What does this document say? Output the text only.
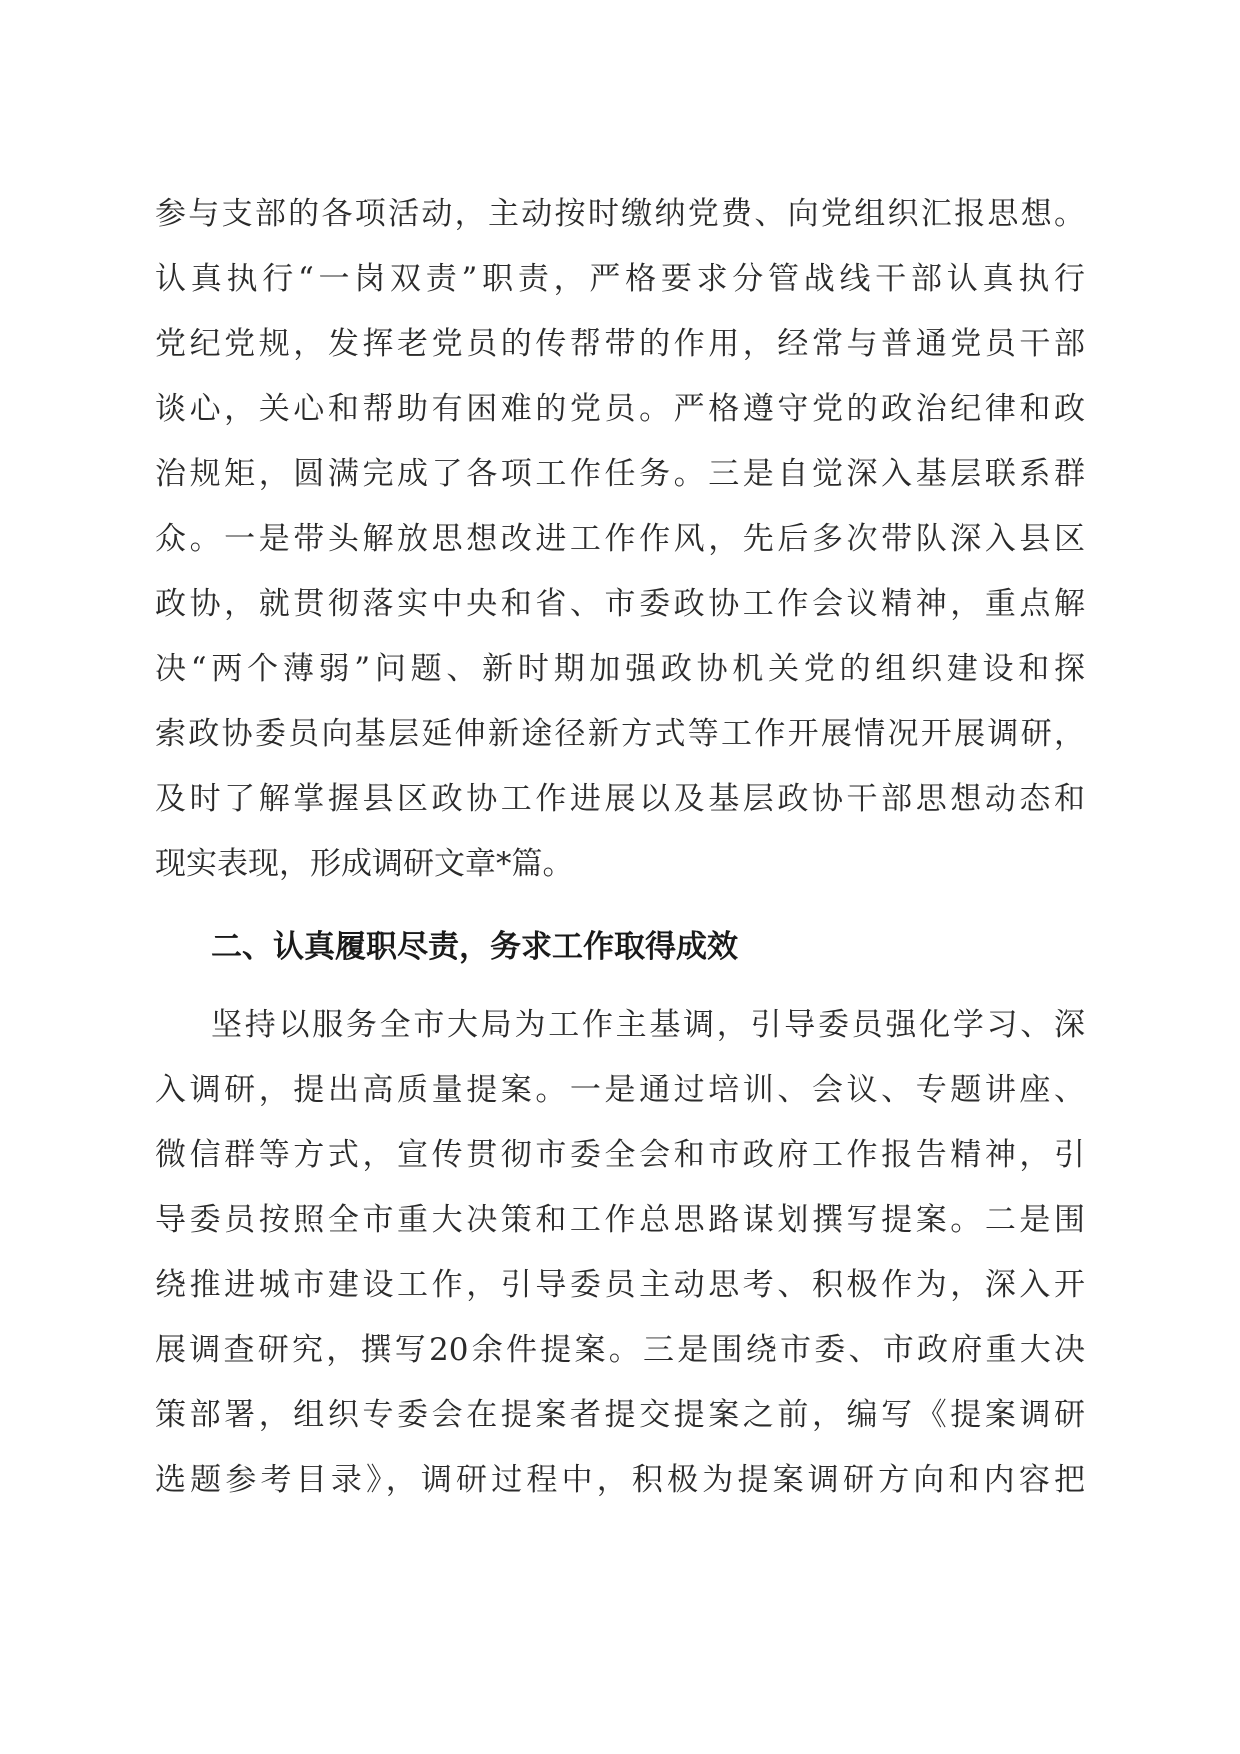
参与支部的各项活动，主动按时缴纳党费、向党组织汇报思想。
认真执行“一岗双责”职责，严格要求分管战线干部认真执行
党纪党规，发挥老党员的传帮带的作用，经常与普通党员干部
谈心，关心和帮助有困难的党员。严格遵守党的政治纪律和政
治规矩，圆满完成了各项工作任务。三是自觉深入基层联系群
众。一是带头解放思想改进工作作风，先后多次带队深入县区
政协，就贯彻落实中央和省、市委政协工作会议精神，重点解
决“两个薄弱”问题、新时期加强政协机关党的组织建设和探
索政协委员向基层延伸新途径新方式等工作开展情况开展调研，
及时了解掌握县区政协工作进展以及基层政协干部思想动态和
现实表现，形成调研文章*篇。
二、认真履职尽责，务求工作取得成效
坚持以服务全市大局为工作主基调，引导委员强化学习、深
入调研，提出高质量提案。一是通过培训、会议、专题讲座、
微信群等方式，宣传贯彻市委全会和市政府工作报告精神，引
导委员按照全市重大决策和工作总思路谋划撰写提案。二是围
绕推进城市建设工作，引导委员主动思考、积极作为，深入开
展调查研究，撰写20余件提案。三是围绕市委、市政府重大决
策部署，组织专委会在提案者提交提案之前，编写《提案调研
选题参考目录》，调研过程中，积极为提案调研方向和内容把
